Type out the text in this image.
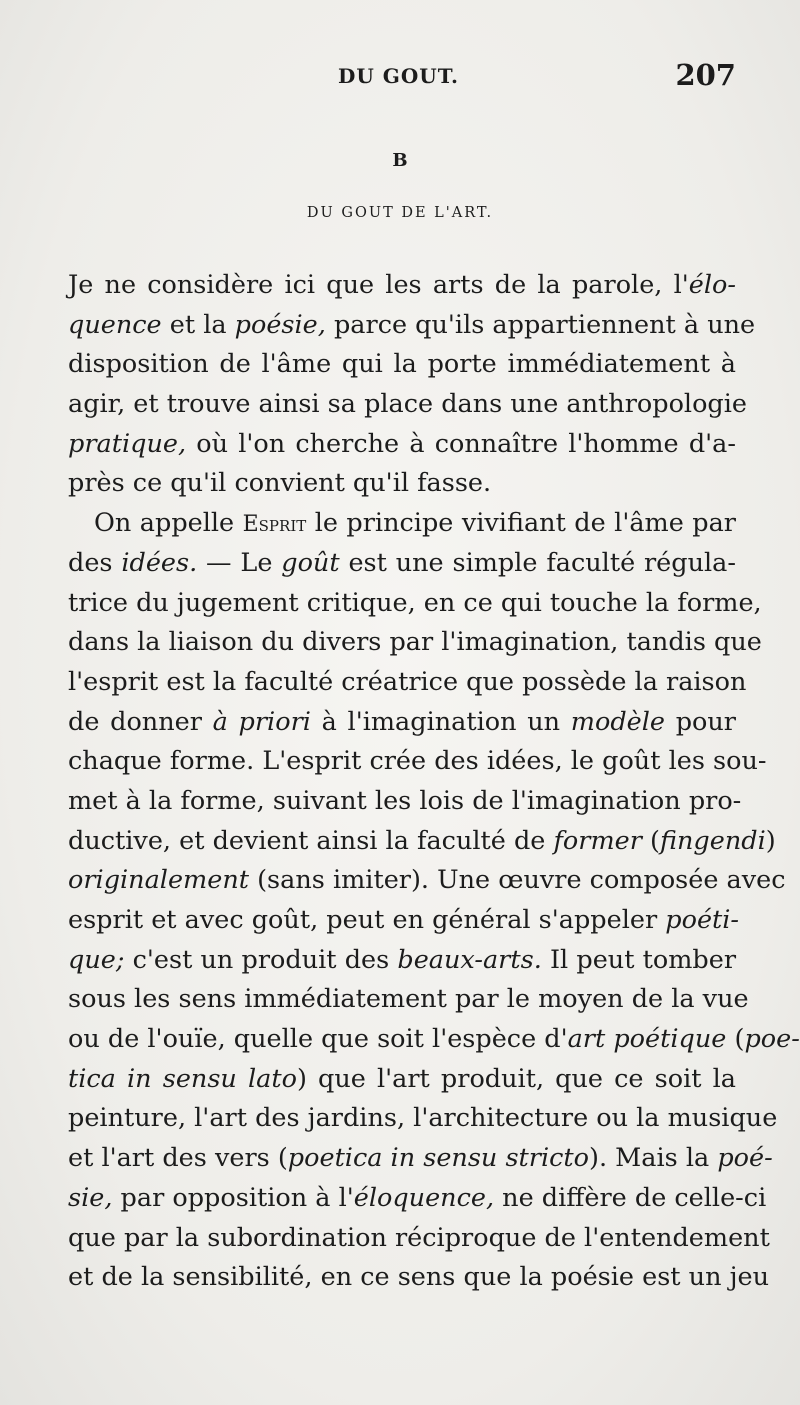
DU GOUT.	207
B
DU GOUT DE L'ART.
Je ne considère ici que les arts de la parole, l'élo-
quence et la poésie, parce qu'ils appartiennent à une
disposition de l'âme qui la porte immédiatement à
agir, et trouve ainsi sa place dans une anthropologie
pratique, où l'on cherche à connaître l'homme d'a-
près ce qu'il convient qu'il fasse.
On appelle Esprit le principe vivifiant de l'âme par
des idées. — Le goût est une simple faculté régula-
trice du jugement critique, en ce qui touche la forme,
dans la liaison du divers par l'imagination, tandis que
l'esprit est la faculté créatrice que possède la raison
de donner à priori à l'imagination un modèle pour
chaque forme. L'esprit crée des idées, le goût les sou-
met à la forme, suivant les lois de l'imagination pro-
ductive, et devient ainsi la faculté de former (fingendi)
originalement (sans imiter). Une œuvre composée avec
esprit et avec goût, peut en général s'appeler poéti-
que; c'est un produit des beaux-arts. Il peut tomber
sous les sens immédiatement par le moyen de la vue
ou de l'ouïe, quelle que soit l'espèce d'art poétique (poe-
tica in sensu lato) que l'art produit, que ce soit la
peinture, l'art des jardins, l'architecture ou la musique
et l'art des vers (poetica in sensu stricto). Mais la poé-
sie, par opposition à l'éloquence, ne diffère de celle-ci
que par la subordination réciproque de l'entendement
et de la sensibilité, en ce sens que la poésie est un jeu
